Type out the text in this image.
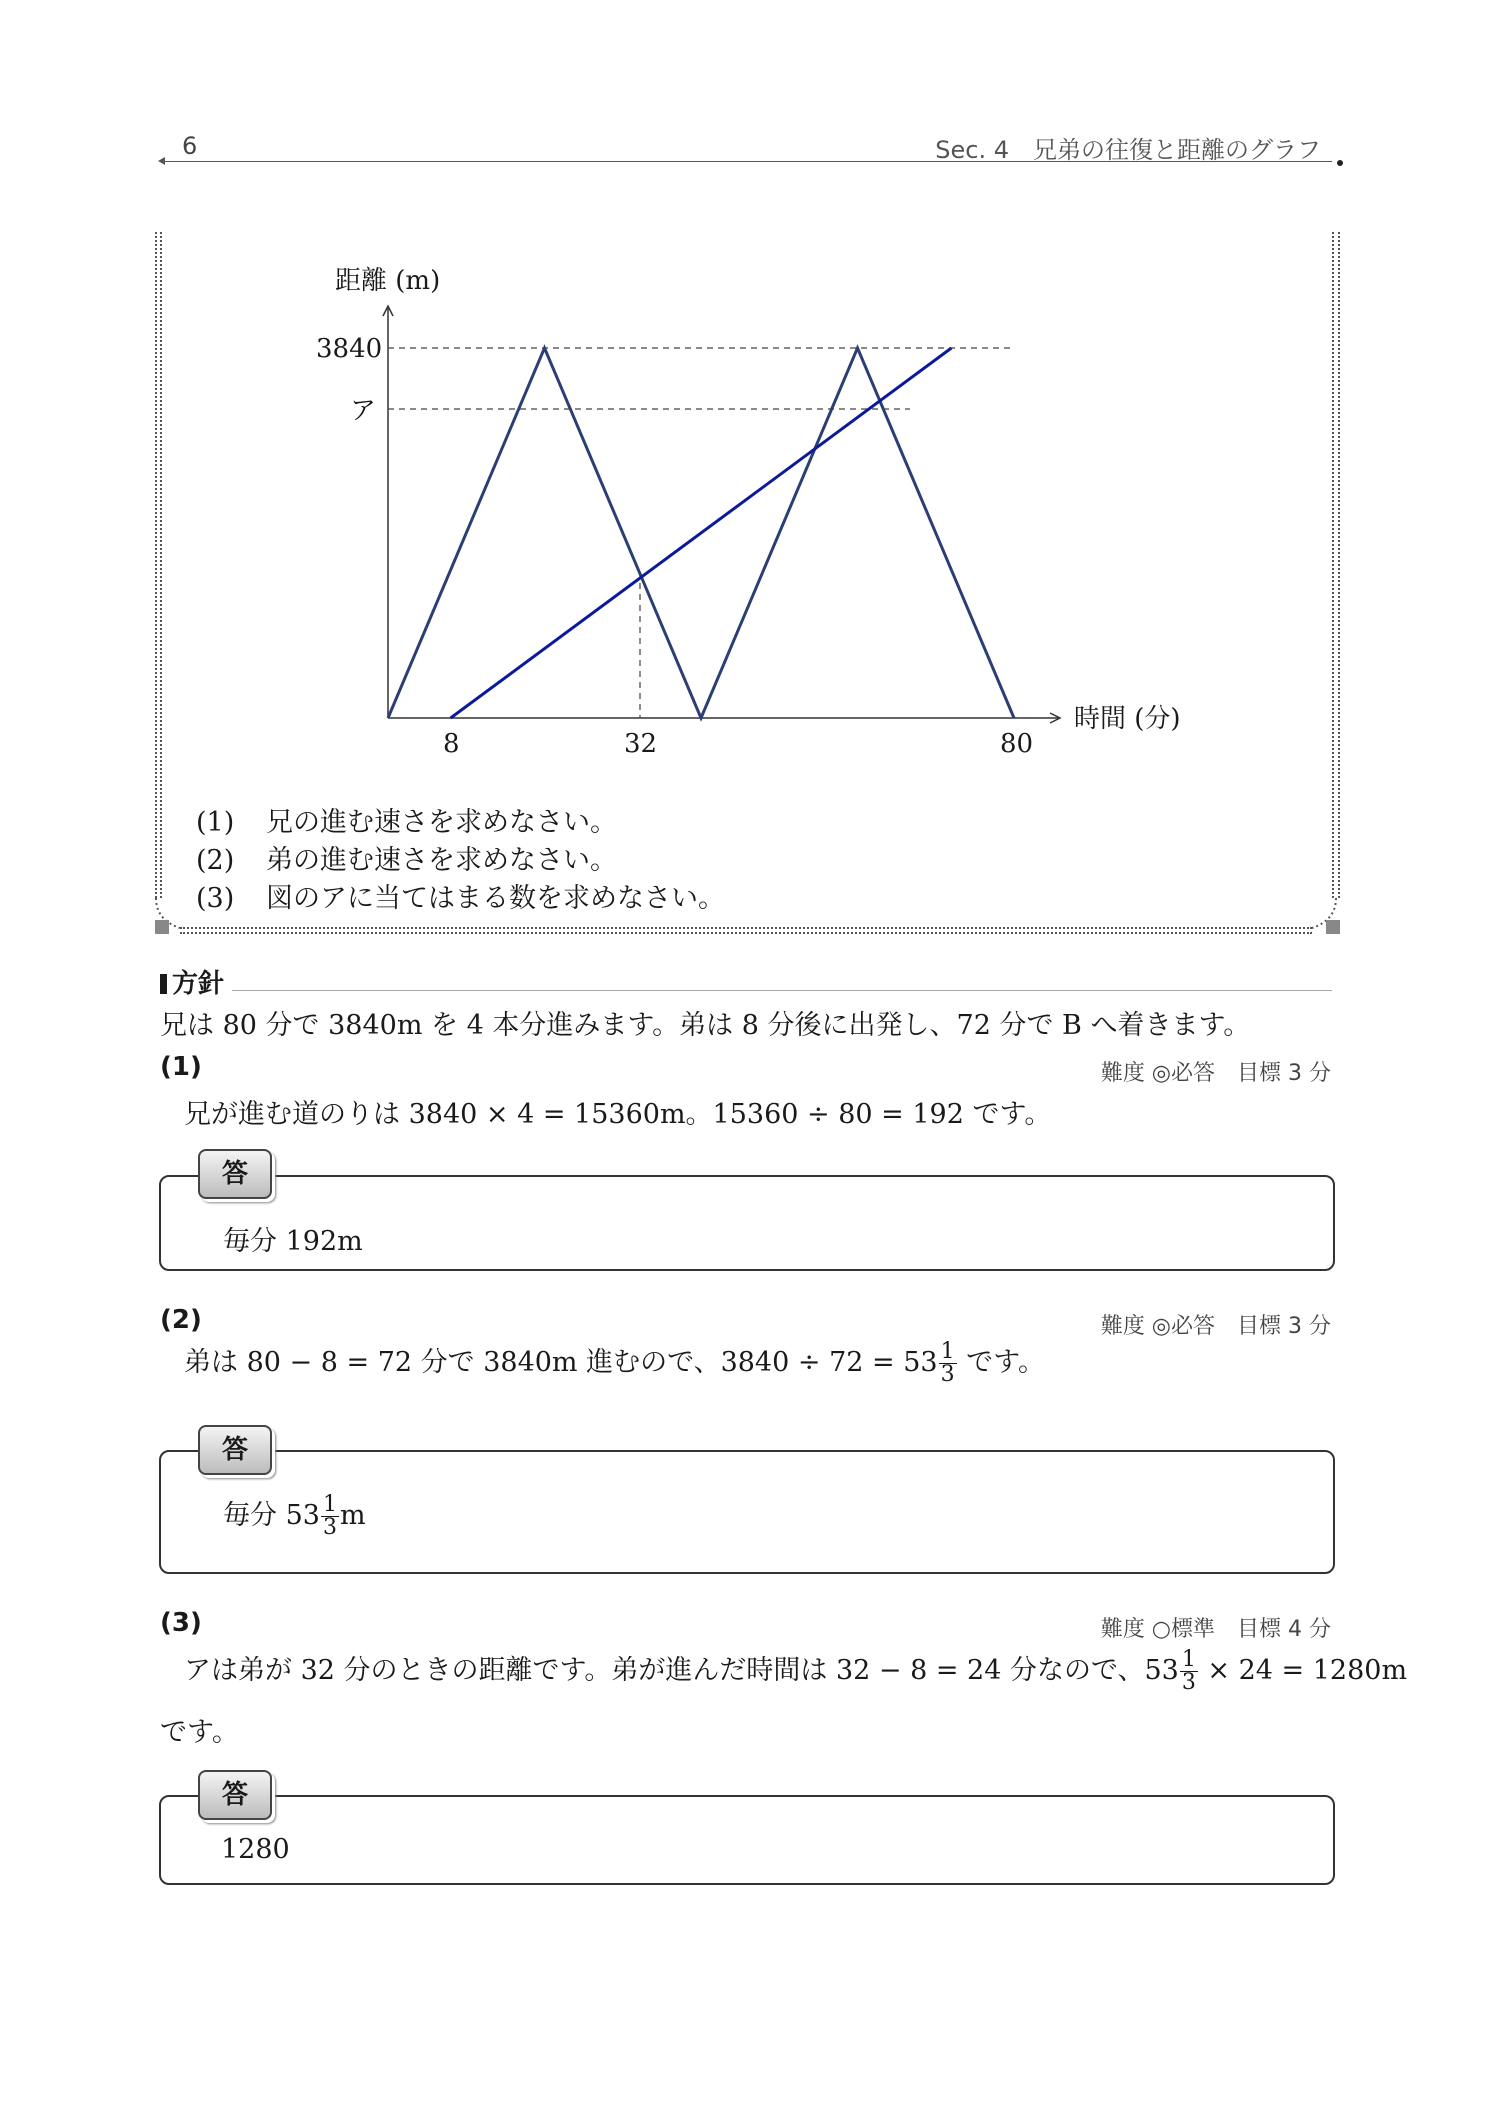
6	Sec. 4　兄弟の往復と距離のグラフ
距離 (m)
時間 (分)
3840
ア
8	32	80
(1) 兄の進む速さを求めなさい。
(2) 弟の進む速さを求めなさい。
(3) 図のアに当てはまる数を求めなさい。
方針
兄は 80 分で 3840m を 4 本分進みます。弟は 8 分後に出発し、72 分で B へ着きます。
(1)	難度 ◎必答　目標 3 分
兄が進む道のりは 3840 × 4 = 15360m。15360 ÷ 80 = 192 です。
答
毎分 192m
(2)	難度 ◎必答　目標 3 分
弟は 80 − 8 = 72 分で 3840m 進むので、$3840 \div 72 = 53 \frac{1}{3}$ です。
答
毎分 $53 \frac{1}{3}$ m
(3)	難度 ○標準　目標 4 分
アは弟が 32 分のときの距離です。弟が進んだ時間は 32 − 8 = 24 分なので、$53 \frac{1}{3} \times 24 = 1280m$
です。
答
1280
